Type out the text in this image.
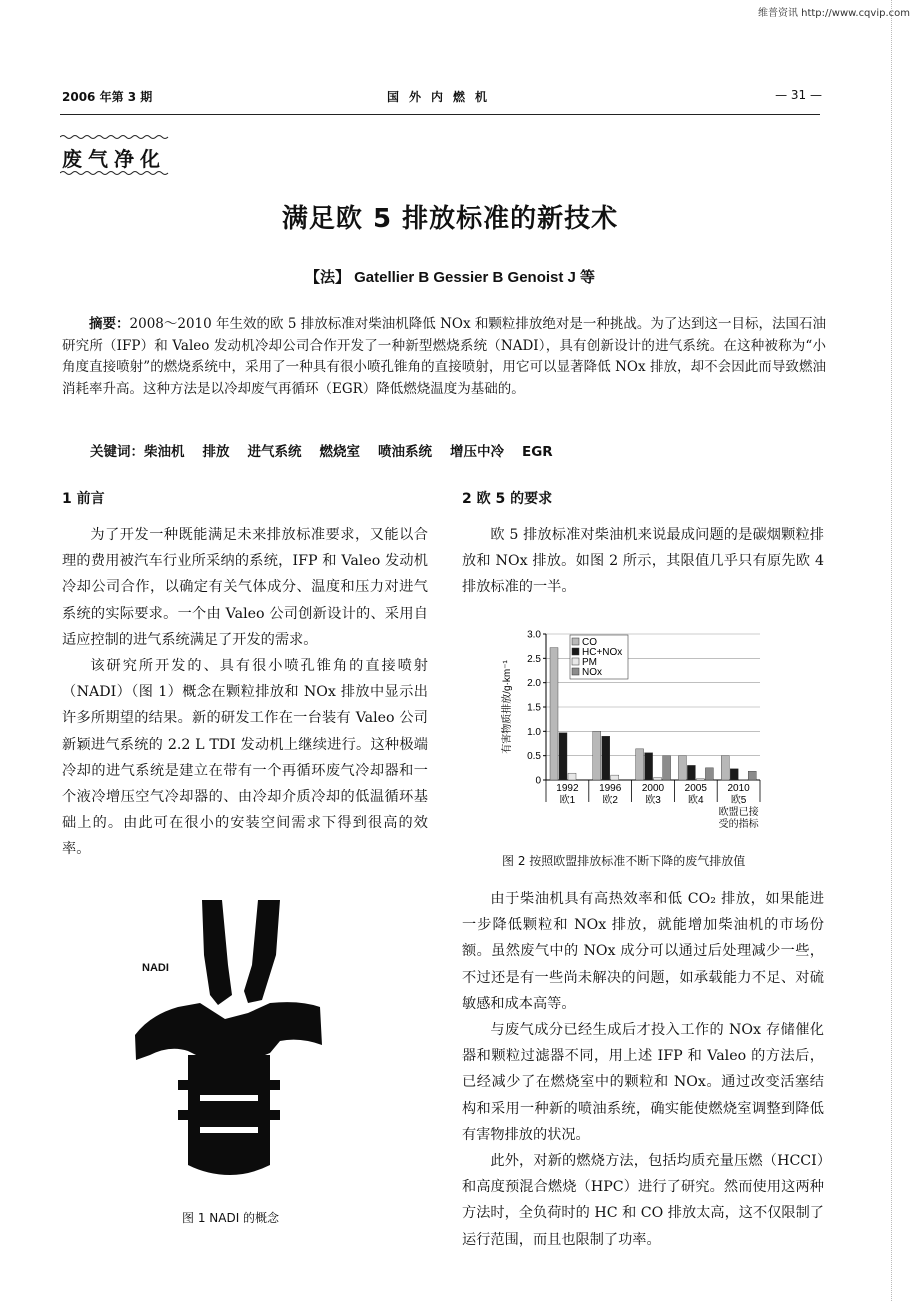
维普资讯 http://www.cqvip.com
2006 年第 3 期	国外内燃机	— 31 —
废气净化
满足欧 5 排放标准的新技术
【法】 Gatellier B Gessier B Genoist J 等
摘要：2008～2010 年生效的欧 5 排放标准对柴油机降低 NOx 和颗粒排放绝对是一种挑战。为了达到这一目标，法国石油研究所（IFP）和 Valeo 发动机冷却公司合作开发了一种新型燃烧系统（NADI），具有创新设计的进气系统。在这种被称为“小角度直接喷射”的燃烧系统中，采用了一种具有很小喷孔锥角的直接喷射，用它可以显著降低 NOx 排放，却不会因此而导致燃油消耗率升高。这种方法是以冷却废气再循环（EGR）降低燃烧温度为基础的。
关键词：柴油机 排放 进气系统 燃烧室 喷油系统 增压中冷 EGR
1 前言

为了开发一种既能满足未来排放标准要求，又能以合理的费用被汽车行业所采纳的系统，IFP 和 Valeo 发动机冷却公司合作，以确定有关气体成分、温度和压力对进气系统的实际要求。一个由 Valeo 公司创新设计的、采用自适应控制的进气系统满足了开发的需求。

该研究所开发的、具有很小喷孔锥角的直接喷射（NADI）（图 1）概念在颗粒排放和 NOx 排放中显示出许多所期望的结果。新的研发工作在一台装有 Valeo 公司新颖进气系统的 2.2 L TDI 发动机上继续进行。这种极端冷却的进气系统是建立在带有一个再循环废气冷却器和一个液冷增压空气冷却器的、由冷却介质冷却的低温循环基础上的。由此可在很小的安装空间需求下得到很高的效率。

NADI
图 1 NADI 的概念
2 欧 5 的要求

欧 5 排放标准对柴油机来说最成问题的是碳烟颗粒排放和 NOx 排放。如图 2 所示，其限值几乎只有原先欧 4 排放标准的一半。

有害物质排放/g·km⁻¹
0
0.5
1.0
1.5
2.0
2.5
3.0
1992
欧1
1996
欧2
2000
欧3
2005
欧4
2010
欧5
欧盟已接
受的指标
CO
HC+NOx
PM
NOx
图 2 按照欧盟排放标准不断下降的废气排放值

由于柴油机具有高热效率和低 CO₂ 排放，如果能进一步降低颗粒和 NOx 排放，就能增加柴油机的市场份额。虽然废气中的 NOx 成分可以通过后处理减少一些，不过还是有一些尚未解决的问题，如承载能力不足、对硫敏感和成本高等。

与废气成分已经生成后才投入工作的 NOx 存储催化器和颗粒过滤器不同，用上述 IFP 和 Valeo 的方法后，已经减少了在燃烧室中的颗粒和 NOx。通过改变活塞结构和采用一种新的喷油系统，确实能使燃烧室调整到降低有害物排放的状况。

此外，对新的燃烧方法，包括均质充量压燃（HCCI）和高度预混合燃烧（HPC）进行了研究。然而使用这两种方法时，全负荷时的 HC 和 CO 排放太高，这不仅限制了运行范围，而且也限制了功率。
